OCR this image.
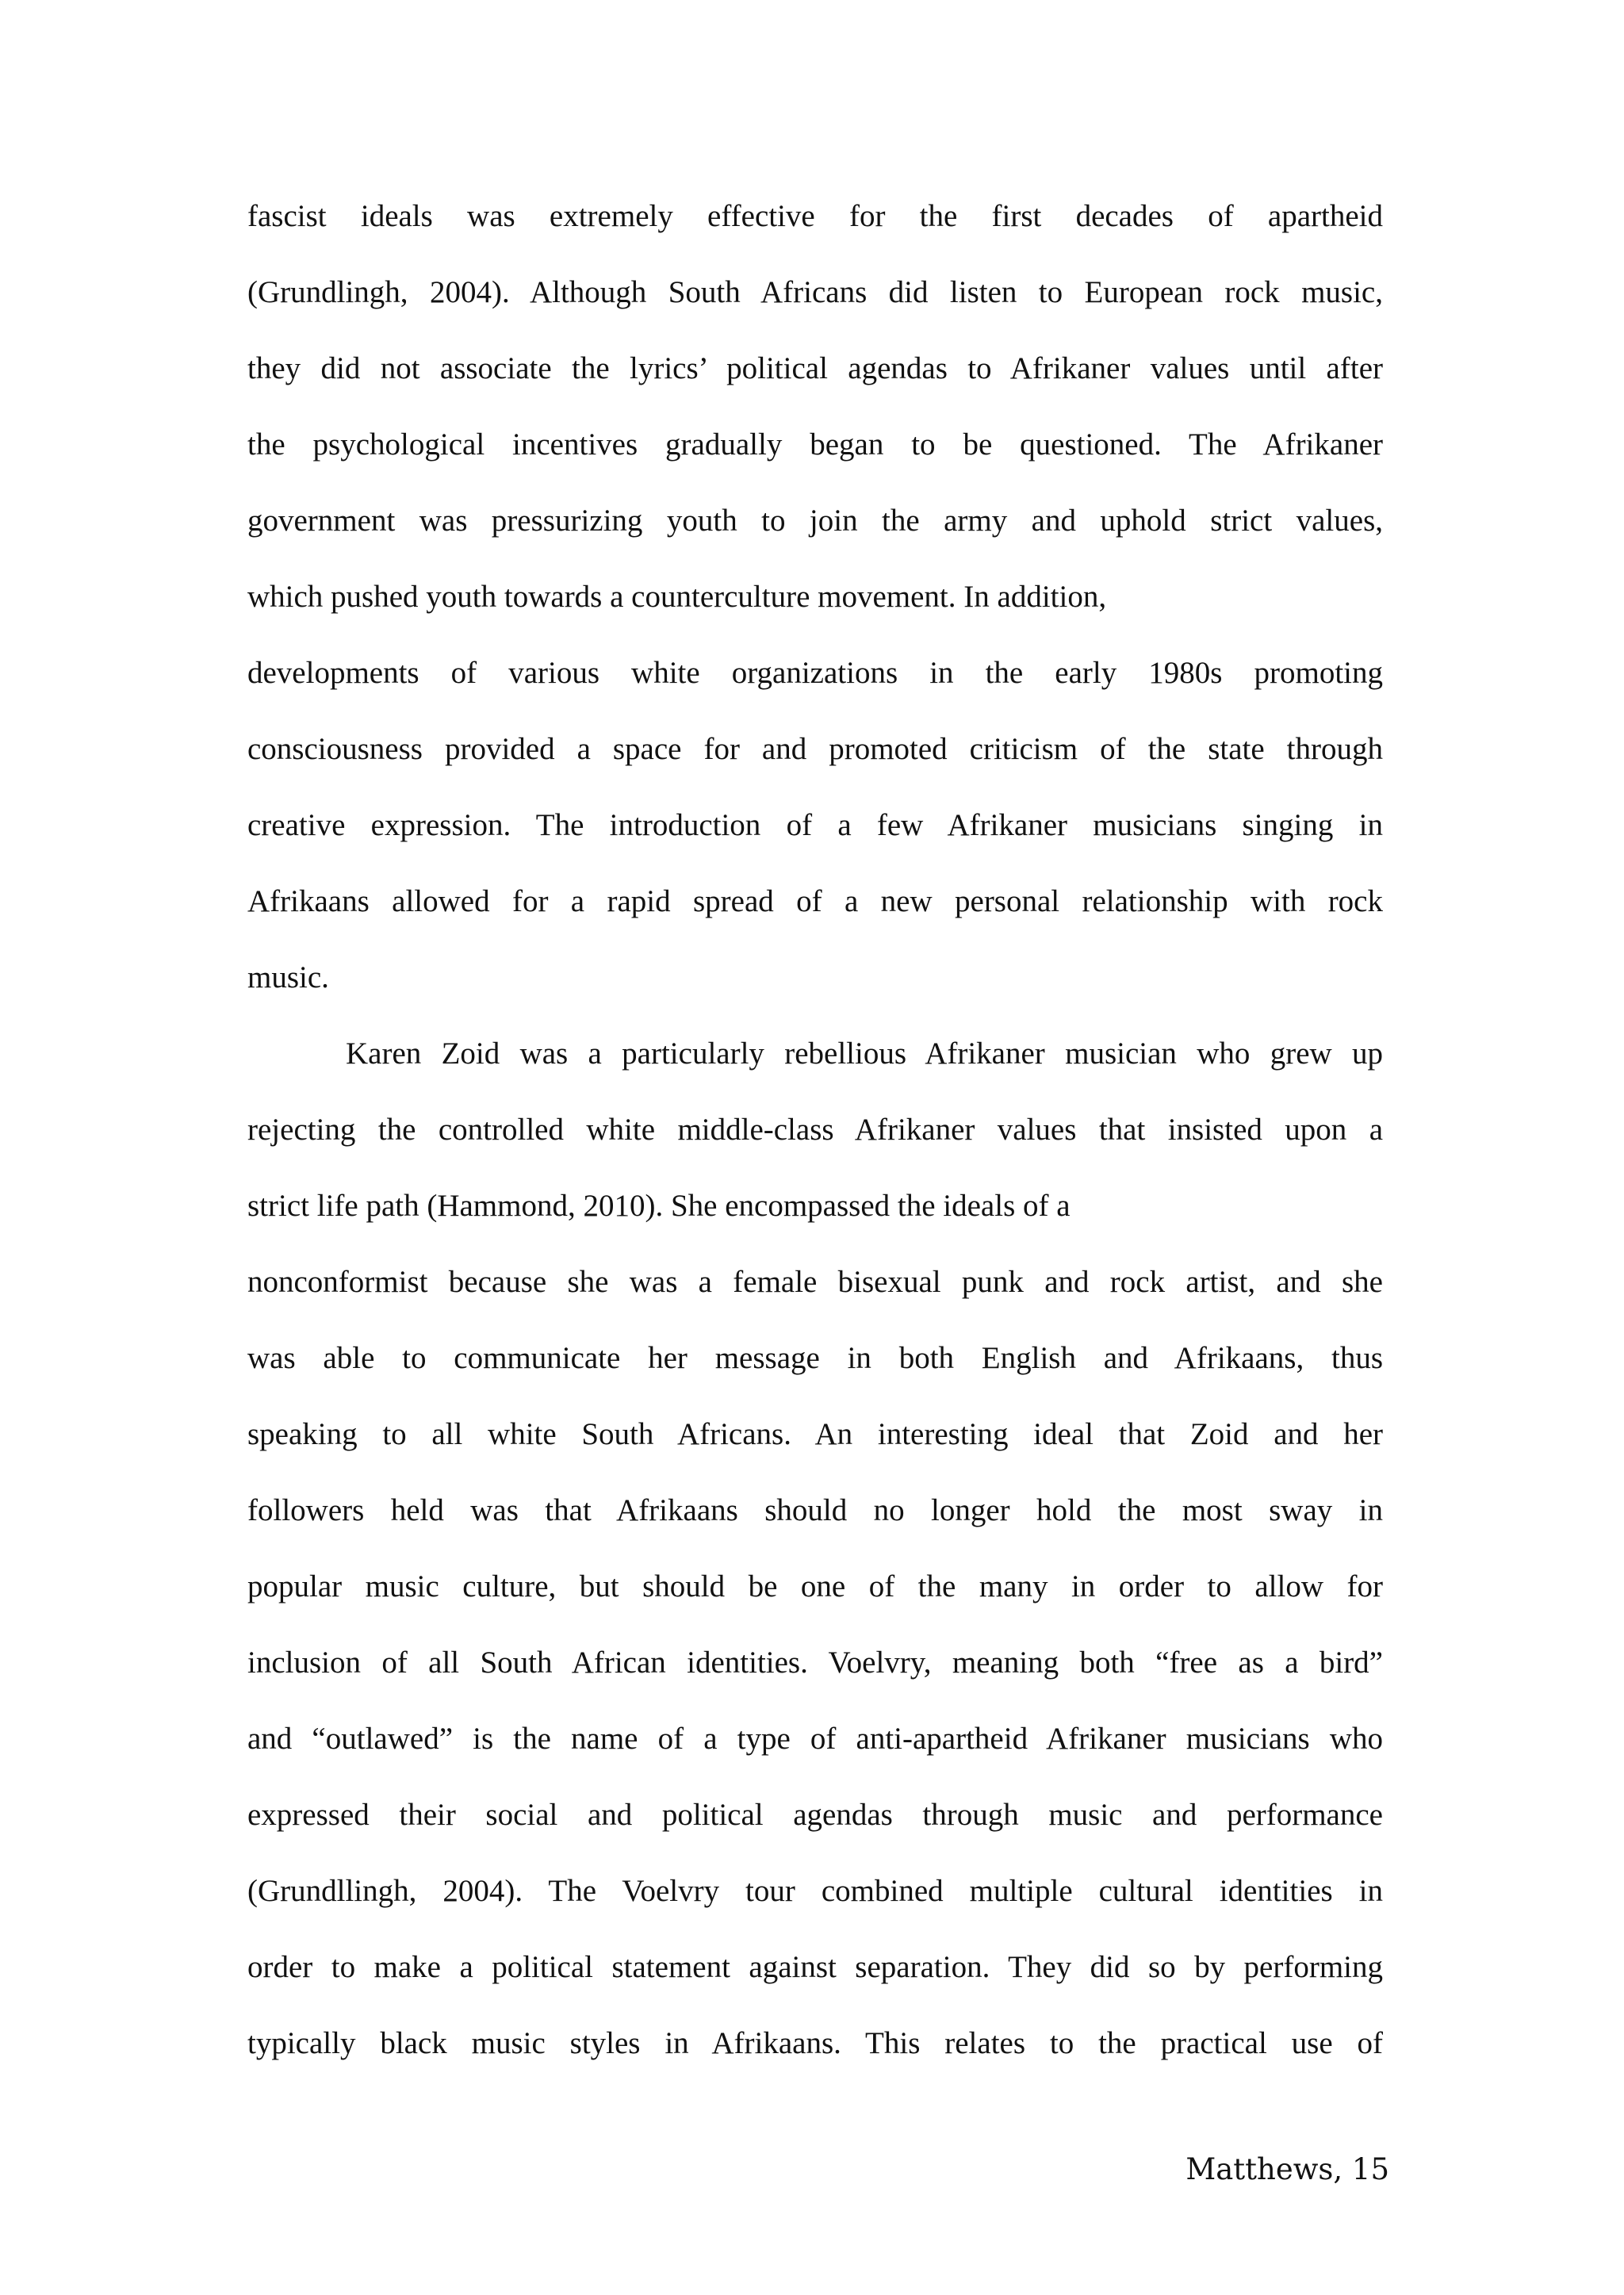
fascist ideals was extremely effective for the first decades of apartheid
(Grundlingh, 2004). Although South Africans did listen to European rock music,
they did not associate the lyrics’ political agendas to Afrikaner values until after
the psychological incentives gradually began to be questioned. The Afrikaner
government was pressurizing youth to join the army and uphold strict values,
which pushed youth towards a counterculture movement. In addition,
developments of various white organizations in the early 1980s promoting
consciousness provided a space for and promoted criticism of the state through
creative expression. The introduction of a few Afrikaner musicians singing in
Afrikaans allowed for a rapid spread of a new personal relationship with rock
music.
Karen Zoid was a particularly rebellious Afrikaner musician who grew up
rejecting the controlled white middle-class Afrikaner values that insisted upon a
strict life path (Hammond, 2010). She encompassed the ideals of a
nonconformist because she was a female bisexual punk and rock artist, and she
was able to communicate her message in both English and Afrikaans, thus
speaking to all white South Africans. An interesting ideal that Zoid and her
followers held was that Afrikaans should no longer hold the most sway in
popular music culture, but should be one of the many in order to allow for
inclusion of all South African identities. Voelvry, meaning both “free as a bird”
and “outlawed” is the name of a type of anti-apartheid Afrikaner musicians who
expressed their social and political agendas through music and performance
(Grundllingh, 2004). The Voelvry tour combined multiple cultural identities in
order to make a political statement against separation. They did so by performing
typically black music styles in Afrikaans. This relates to the practical use of
Matthews, 15
